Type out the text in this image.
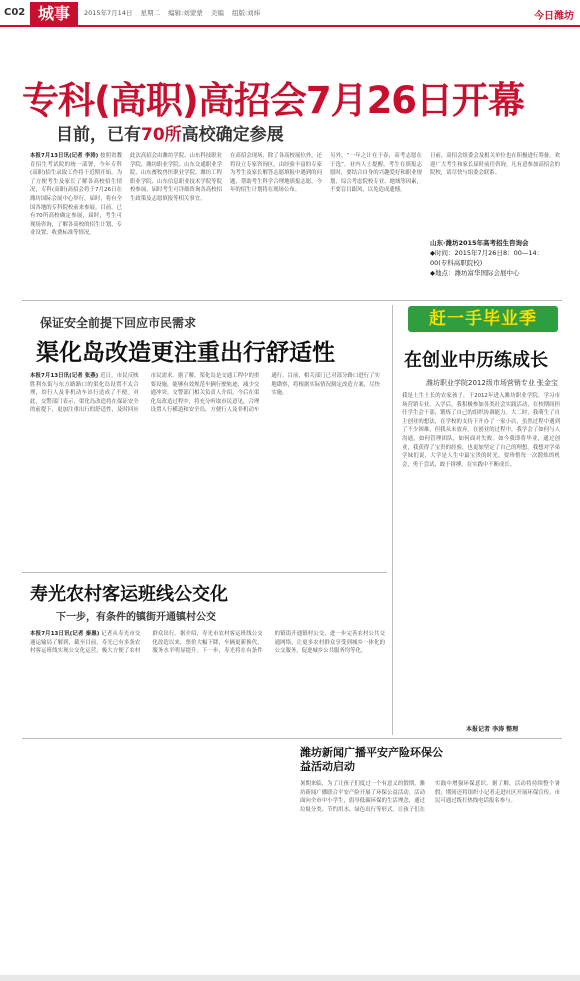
C02 城事	2015年7月14日 星期二 编辑:刘蒙蒙 美编 组版:刘炜	今日潍坊
专科(高职)高招会7月26日开幕
目前，已有70所高校确定参展
本报7月13日讯(记者 李涛) 按照省教育招生考试院的统一部署，今年专科(高职)招生录取工作将于近期开始。为了方便考生及家长了解各高校招生情况，专科(高职)高招会将于7月26日在潍坊国际会展中心举行。届时，将有全国各地的专科院校前来参展。目前，已有70所高校确定参展，届时，考生可现场咨询，了解各高校的招生计划、专业设置、收费标准等情况。
此次高招会由潍坊学院、山东科技职业学院、潍坊职业学院、山东交通职业学院、山东畜牧兽医职业学院、潍坊工程职业学院、山东信息职业技术学院等院校参展，届时考生可详细咨询各高校招生政策及志愿填报等相关事宜。
在高招会现场，除了各高校展位外，还将设立专家咨询区，由经验丰富的专家为考生及家长解答志愿填报中遇到的问题，帮助考生科学合理地填报志愿，今年的招生计划将在现场公布。
另外，“一年之计在于春，高考志愿在于选”。业内人士提醒，考生在填报志愿时，要结合自身的兴趣爱好和职业规划，综合考虑院校专业、地域等因素，不要盲目跟风，以免造成遗憾。
日前，高招会组委会及相关单位也在积极进行筹备，欢迎广大考生和家长届时前往咨询。凡有意参加高招会的院校，请尽快与组委会联系。
山东·潍坊2015年高考招生咨询会
◆时间：2015年7月26日8：00—14：00(专科高职院校)
◆地点：潍坊富华国际会展中心
保证安全前提下回应市民需求
渠化岛改造更注重出行舒适性
本报7月13日讯(记者 张燕) 近日，市民反映胜利东街与东方路路口的渠化岛设置不太合理，给行人及非机动车出行造成了不便。对此，交警部门表示，渠化岛改造将在保证安全的前提下，更加注重出行的舒适性，及时回应市民需求。据了解，渠化岛是交通工程中的重要设施，能够有效规范车辆行驶轨迹，减少交通冲突。交警部门相关负责人介绍，今后在渠化岛改造过程中，将充分听取市民意见，合理设置人行横道和安全岛，方便行人及非机动车通行。目前，相关部门已对部分路口进行了实地勘察，将根据实际情况制定改造方案，尽快实施。
寿光农村客运班线公交化
下一步，有条件的镇街开通镇村公交
本报7月13日讯(记者 秦惠) 记者从寿光市交通运输局了解到，截至目前，寿光已有多条农村客运班线实现公交化运营，极大方便了农村群众出行。据介绍，寿光市农村客运班线公交化改造以来，票价大幅下降，车辆更新换代，服务水平明显提升。下一步，寿光将在有条件的镇街开通镇村公交，进一步完善农村公共交通网络，让更多农村群众享受到城乡一体化的公交服务，促进城乡公共服务均等化。
赶一手毕业季
在创业中历练成长
潍坊职业学院2012级市场营销专业 张金宝
我是土生土长的农家孩子，于2012年进入潍坊职业学院，学习市场营销专业。入学后，我积极参加各类社会实践活动，在校期间担任学生会干部，锻炼了自己的组织协调能力。大二时，我萌生了自主创业的想法，在学校的支持下开办了一家小店，虽然过程中遇到了不少困难，但我从未放弃。在创业的过程中，我学会了如何与人沟通，如何管理团队，如何面对失败。如今我即将毕业，通过创业，我获得了宝贵的经验，也更加坚定了自己的理想。我想对学弟学妹们说，大学是人生中最宝贵的时光，要珍惜每一次锻炼的机会，勇于尝试，敢于拼搏，在实践中不断成长。
本报记者 李涛 整理
潍坊新闻广播平安产险环保公益活动启动
暑期来临，为了让孩子们度过一个有意义的假期，潍坊新闻广播联合平安产险开展了环保公益活动。活动面向全市中小学生，倡导低碳环保的生活理念，通过垃圾分类、节约用水、绿色出行等形式，让孩子们在实践中增强环保意识。据了解，活动将持续整个暑假，期间还将组织小记者走进社区开展环保宣传，市民可通过拨打热线电话报名参与。
